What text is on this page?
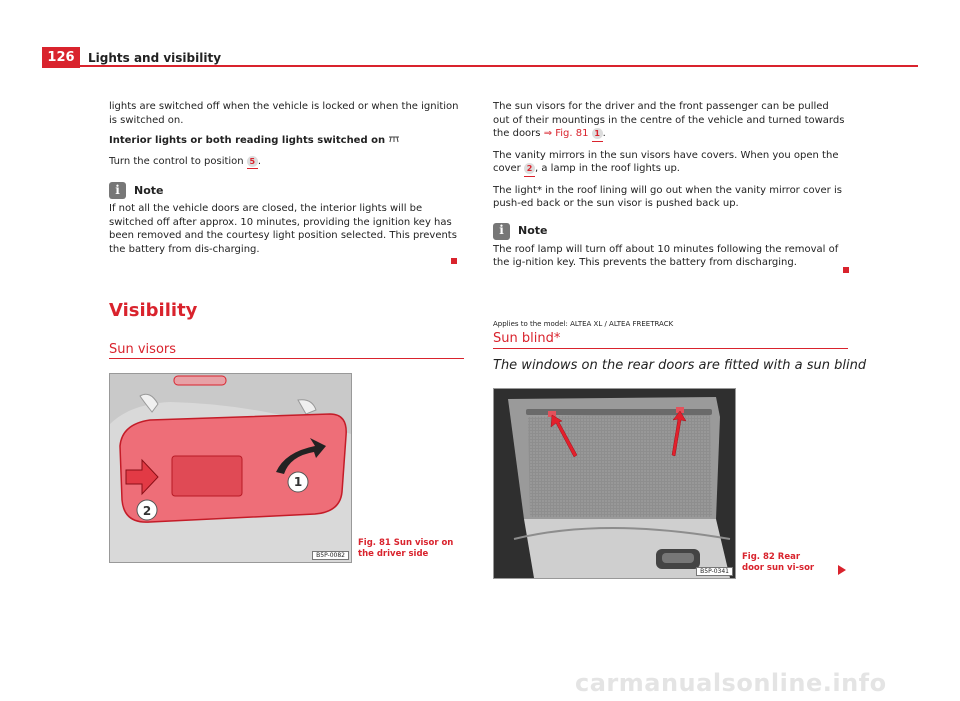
126	Lights and visibility

lights are switched off when the vehicle is locked or when the ignition is switched on.

Interior lights or both reading lights switched on

Turn the control to position 5 .

i	Note

If not all the vehicle doors are closed, the interior lights will be switched off after approx. 10 minutes, providing the ignition key has been removed and the courtesy light position selected. This prevents the battery from dis-charging.

Visibility
Sun visors
1
2
B5P-0082
Fig. 81 Sun visor on the driver side

The sun visors for the driver and the front passenger can be pulled out of their mountings in the centre of the vehicle and turned towards the doors ⇒ Fig. 81 1 .

The vanity mirrors in the sun visors have covers. When you open the cover 2 , a lamp in the roof lights up.

The light* in the roof lining will go out when the vanity mirror cover is push-ed back or the sun visor is pushed back up.

i	Note

The roof lamp will turn off about 10 minutes following the removal of the ig-nition key. This prevents the battery from discharging.

Applies to the model: ALTEA XL / ALTEA FREETRACK
Sun blind*
The windows on the rear doors are fitted with a sun blind
B5P-0341
Fig. 82 Rear door sun vi-sor
carmanualsonline.info
